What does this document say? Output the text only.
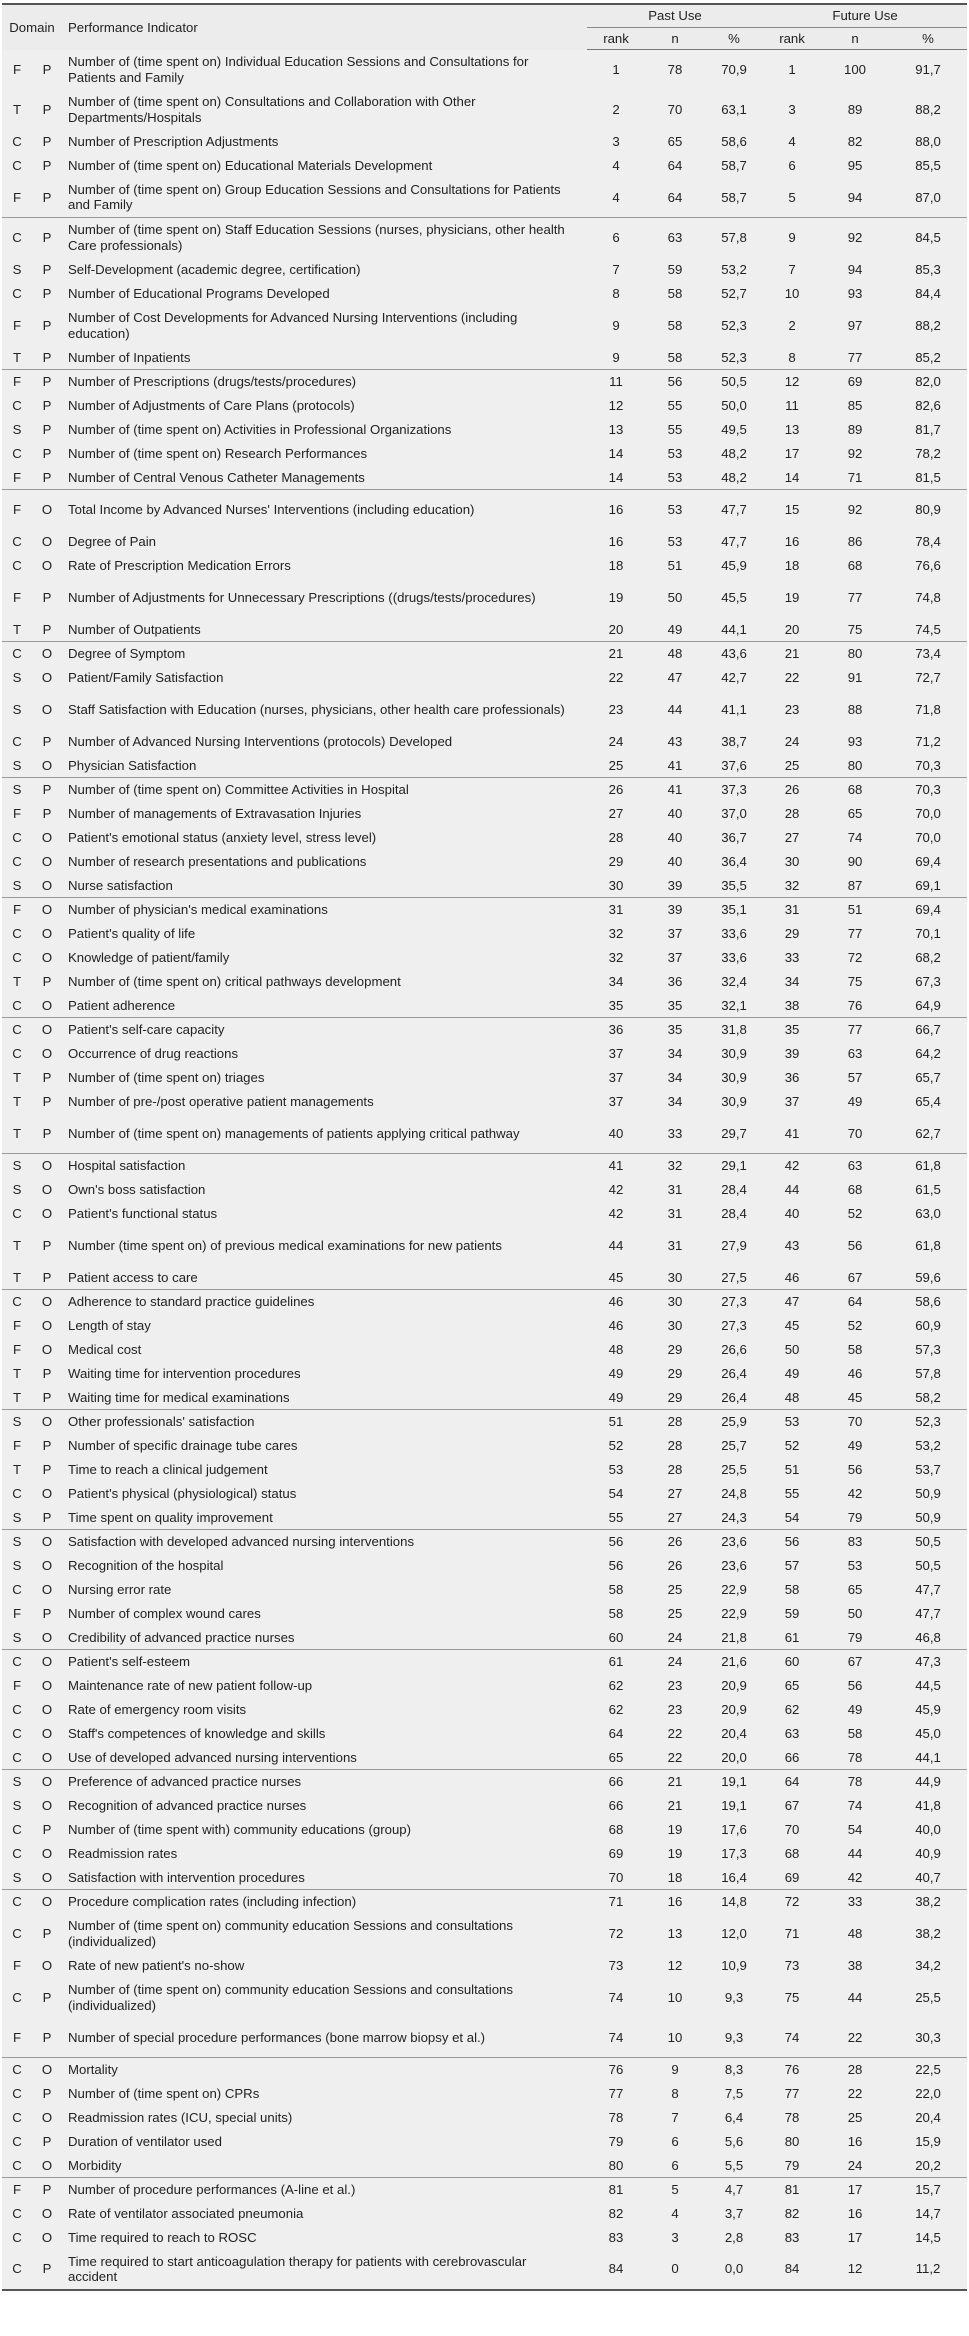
Domain		Performance Indicator	Past Use			Future Use		
			rank	n	%	rank	n	%
F	P	Number of (time spent on) Individual Education Sessions and Consultations for Patients and Family	1	78	70,9	1	100	91,7
T	P	Number of (time spent on) Consultations and Collaboration with Other Departments/Hospitals	2	70	63,1	3	89	88,2
C	P	Number of Prescription Adjustments	3	65	58,6	4	82	88,0
C	P	Number of (time spent on) Educational Materials Development	4	64	58,7	6	95	85,5
F	P	Number of (time spent on) Group Education Sessions and Consultations for Patients and Family	4	64	58,7	5	94	87,0
C	P	Number of (time spent on) Staff Education Sessions (nurses, physicians, other health Care professionals)	6	63	57,8	9	92	84,5
S	P	Self-Development (academic degree, certification)	7	59	53,2	7	94	85,3
C	P	Number of Educational Programs Developed	8	58	52,7	10	93	84,4
F	P	Number of Cost Developments for Advanced Nursing Interventions (including education)	9	58	52,3	2	97	88,2
T	P	Number of Inpatients	9	58	52,3	8	77	85,2
F	P	Number of Prescriptions (drugs/tests/procedures)	11	56	50,5	12	69	82,0
C	P	Number of Adjustments of Care Plans (protocols)	12	55	50,0	11	85	82,6
S	P	Number of (time spent on) Activities in Professional Organizations	13	55	49,5	13	89	81,7
C	P	Number of (time spent on) Research Performances	14	53	48,2	17	92	78,2
F	P	Number of Central Venous Catheter Managements	14	53	48,2	14	71	81,5
F	O	Total Income by Advanced Nurses' Interventions (including education)	16	53	47,7	15	92	80,9
C	O	Degree of Pain	16	53	47,7	16	86	78,4
C	O	Rate of Prescription Medication Errors	18	51	45,9	18	68	76,6
F	P	Number of Adjustments for Unnecessary Prescriptions ((drugs/tests/procedures)	19	50	45,5	19	77	74,8
T	P	Number of Outpatients	20	49	44,1	20	75	74,5
C	O	Degree of Symptom	21	48	43,6	21	80	73,4
S	O	Patient/Family Satisfaction	22	47	42,7	22	91	72,7
S	O	Staff Satisfaction with Education (nurses, physicians, other health care professionals)	23	44	41,1	23	88	71,8
C	P	Number of Advanced Nursing Interventions (protocols) Developed	24	43	38,7	24	93	71,2
S	O	Physician Satisfaction	25	41	37,6	25	80	70,3
S	P	Number of (time spent on) Committee Activities in Hospital	26	41	37,3	26	68	70,3
F	P	Number of managements of Extravasation Injuries	27	40	37,0	28	65	70,0
C	O	Patient's emotional status (anxiety level, stress level)	28	40	36,7	27	74	70,0
C	O	Number of research presentations and publications	29	40	36,4	30	90	69,4
S	O	Nurse satisfaction	30	39	35,5	32	87	69,1
F	O	Number of physician's medical examinations	31	39	35,1	31	51	69,4
C	O	Patient's quality of life	32	37	33,6	29	77	70,1
C	O	Knowledge of patient/family	32	37	33,6	33	72	68,2
T	P	Number of (time spent on) critical pathways development	34	36	32,4	34	75	67,3
C	O	Patient adherence	35	35	32,1	38	76	64,9
C	O	Patient's self-care capacity	36	35	31,8	35	77	66,7
C	O	Occurrence of drug reactions	37	34	30,9	39	63	64,2
T	P	Number of (time spent on) triages	37	34	30,9	36	57	65,7
T	P	Number of pre-/post operative patient managements	37	34	30,9	37	49	65,4
T	P	Number of (time spent on) managements of patients applying critical pathway	40	33	29,7	41	70	62,7
S	O	Hospital satisfaction	41	32	29,1	42	63	61,8
S	O	Own's boss satisfaction	42	31	28,4	44	68	61,5
C	O	Patient's functional status	42	31	28,4	40	52	63,0
T	P	Number (time spent on) of previous medical examinations for new patients	44	31	27,9	43	56	61,8
T	P	Patient access to care	45	30	27,5	46	67	59,6
C	O	Adherence to standard practice guidelines	46	30	27,3	47	64	58,6
F	O	Length of stay	46	30	27,3	45	52	60,9
F	O	Medical cost	48	29	26,6	50	58	57,3
T	P	Waiting time for intervention procedures	49	29	26,4	49	46	57,8
T	P	Waiting time for medical examinations	49	29	26,4	48	45	58,2
S	O	Other professionals' satisfaction	51	28	25,9	53	70	52,3
F	P	Number of specific drainage tube cares	52	28	25,7	52	49	53,2
T	P	Time to reach a clinical judgement	53	28	25,5	51	56	53,7
C	O	Patient's physical (physiological) status	54	27	24,8	55	42	50,9
S	P	Time spent on quality improvement	55	27	24,3	54	79	50,9
S	O	Satisfaction with developed advanced nursing interventions	56	26	23,6	56	83	50,5
S	O	Recognition of the hospital	56	26	23,6	57	53	50,5
C	O	Nursing error rate	58	25	22,9	58	65	47,7
F	P	Number of complex wound cares	58	25	22,9	59	50	47,7
S	O	Credibility of advanced practice nurses	60	24	21,8	61	79	46,8
C	O	Patient's self-esteem	61	24	21,6	60	67	47,3
F	O	Maintenance rate of new patient follow-up	62	23	20,9	65	56	44,5
C	O	Rate of emergency room visits	62	23	20,9	62	49	45,9
C	O	Staff's competences of knowledge and skills	64	22	20,4	63	58	45,0
C	O	Use of developed advanced nursing interventions	65	22	20,0	66	78	44,1
S	O	Preference of advanced practice nurses	66	21	19,1	64	78	44,9
S	O	Recognition of advanced practice nurses	66	21	19,1	67	74	41,8
C	P	Number of (time spent with) community educations (group)	68	19	17,6	70	54	40,0
C	O	Readmission rates	69	19	17,3	68	44	40,9
S	O	Satisfaction with intervention procedures	70	18	16,4	69	42	40,7
C	O	Procedure complication rates (including infection)	71	16	14,8	72	33	38,2
C	P	Number of (time spent on) community education Sessions and consultations (individualized)	72	13	12,0	71	48	38,2
F	O	Rate of new patient's no-show	73	12	10,9	73	38	34,2
C	P	Number of (time spent on) community education Sessions and consultations (individualized)	74	10	9,3	75	44	25,5
F	P	Number of special procedure performances (bone marrow biopsy et al.)	74	10	9,3	74	22	30,3
C	O	Mortality	76	9	8,3	76	28	22,5
C	P	Number of (time spent on) CPRs	77	8	7,5	77	22	22,0
C	O	Readmission rates (ICU, special units)	78	7	6,4	78	25	20,4
C	P	Duration of ventilator used	79	6	5,6	80	16	15,9
C	O	Morbidity	80	6	5,5	79	24	20,2
F	P	Number of procedure performances (A-line et al.)	81	5	4,7	81	17	15,7
C	O	Rate of ventilator associated pneumonia	82	4	3,7	82	16	14,7
C	O	Time required to reach to ROSC	83	3	2,8	83	17	14,5
C	P	Time required to start anticoagulation therapy for patients with cerebrovascular accident	84	0	0,0	84	12	11,2
